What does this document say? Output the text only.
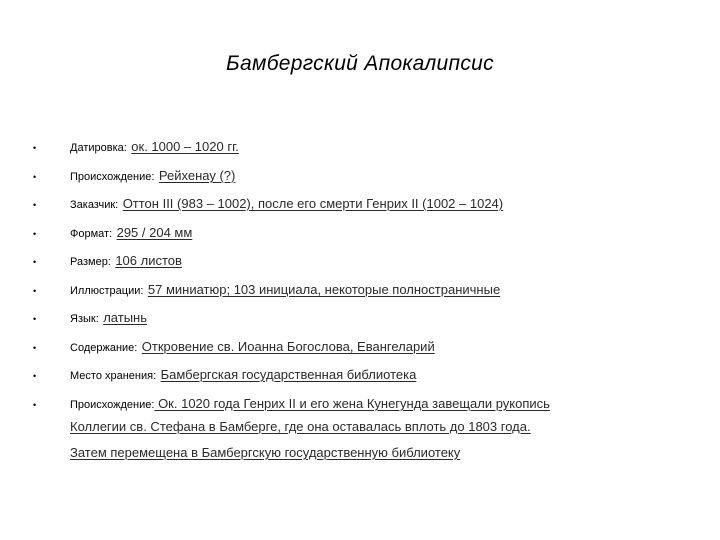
Бамбергский Апокалипсис
•	Датировка: ок. 1000 – 1020 гг.
•	Происхождение: Рейхенау (?)
•	Заказчик: Оттон III (983 – 1002), после его смерти Генрих II (1002 – 1024)
•	Формат: 295 / 204 мм
•	Размер: 106 листов
•	Иллюстрации: 57 миниатюр; 103 инициала, некоторые полностраничные
•	Язык: латынь
•	Содержание: Откровение св. Иоанна Богослова, Евангеларий
•	Место хранения: Бамбергская государственная библиотека
•	Происхождение: Ок. 1020 года Генрих II и его жена Кунегунда завещали рукопись
Коллегии св. Стефана в Бамберге, где она оставалась вплоть до 1803 года.
Затем перемещена в Бамбергскую государственную библиотеку
